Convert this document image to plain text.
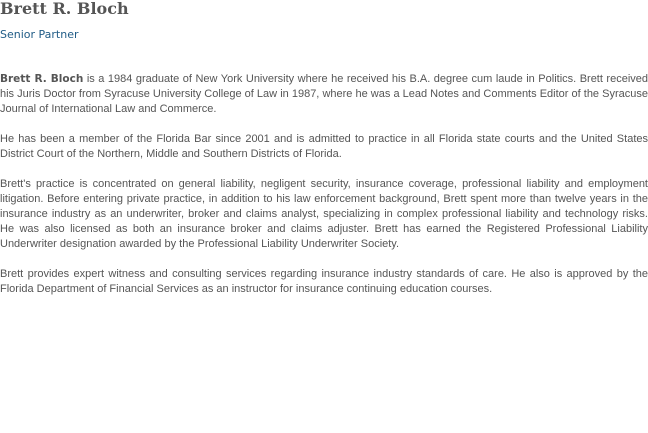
Brett R. Bloch
Senior Partner

Brett R. Bloch is a 1984 graduate of New York University where he received his B.A. degree cum laude in Politics. Brett received his Juris Doctor from Syracuse University College of Law in 1987, where he was a Lead Notes and Comments Editor of the Syracuse Journal of International Law and Commerce.

He has been a member of the Florida Bar since 2001 and is admitted to practice in all Florida state courts and the United States District Court of the Northern, Middle and Southern Districts of Florida.

Brett's practice is concentrated on general liability, negligent security, insurance coverage, professional liability and employment litigation. Before entering private practice, in addition to his law enforcement background, Brett spent more than twelve years in the insurance industry as an underwriter, broker and claims analyst, specializing in complex professional liability and technology risks. He was also licensed as both an insurance broker and claims adjuster. Brett has earned the Registered Professional Liability Underwriter designation awarded by the Professional Liability Underwriter Society.

Brett provides expert witness and consulting services regarding insurance industry standards of care. He also is approved by the Florida Department of Financial Services as an instructor for insurance continuing education courses.
